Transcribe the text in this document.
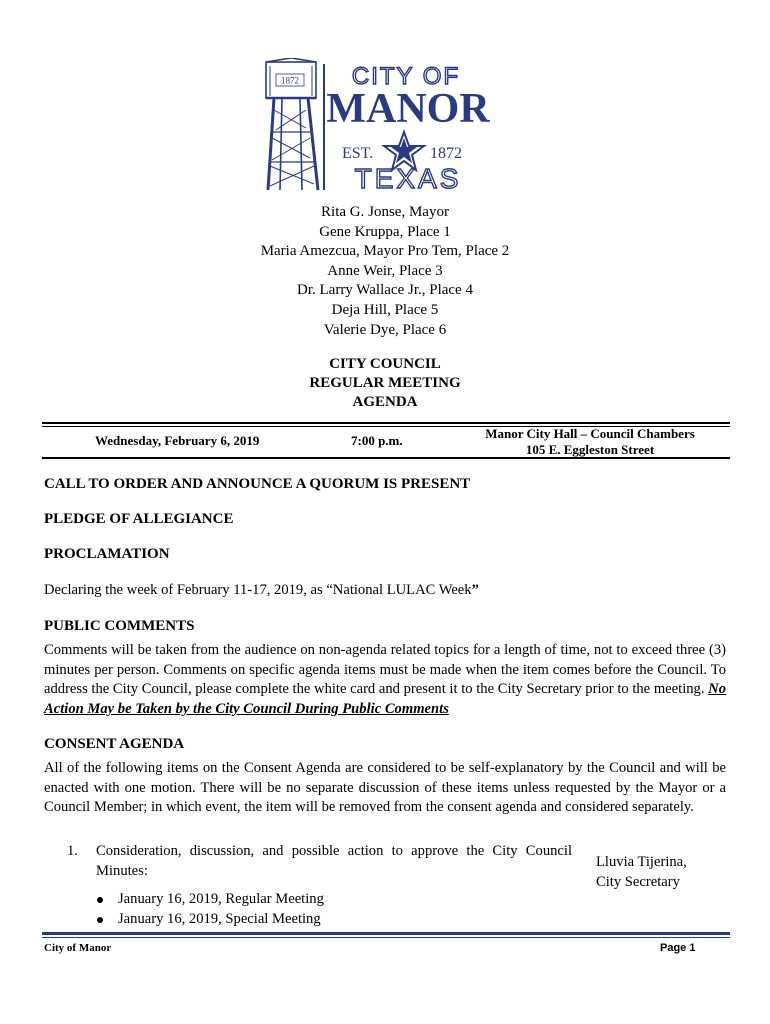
1872 CITY OF
MANOR
EST.	1872
TEXAS
Rita G. Jonse, Mayor
Gene Kruppa, Place 1
Maria Amezcua, Mayor Pro Tem, Place 2
Anne Weir, Place 3
Dr. Larry Wallace Jr., Place 4
Deja Hill, Place 5
Valerie Dye, Place 6
CITY COUNCIL
REGULAR MEETING
AGENDA
Wednesday, February 6, 2019	7:00 p.m.	Manor City Hall – Council Chambers
105 E. Eggleston Street
CALL TO ORDER AND ANNOUNCE A QUORUM IS PRESENT
PLEDGE OF ALLEGIANCE
PROCLAMATION
Declaring the week of February 11-17, 2019, as “National LULAC Week”
PUBLIC COMMENTS
Comments will be taken from the audience on non-agenda related topics for a length of time, not to exceed three (3) minutes per person. Comments on specific agenda items must be made when the item comes before the Council. To address the City Council, please complete the white card and present it to the City Secretary prior to the meeting. No Action May be Taken by the City Council During Public Comments
CONSENT AGENDA
All of the following items on the Consent Agenda are considered to be self-explanatory by the Council and will be enacted with one motion. There will be no separate discussion of these items unless requested by the Mayor or a Council Member; in which event, the item will be removed from the consent agenda and considered separately.
1. Consideration, discussion, and possible action to approve the City Council Minutes:
Lluvia Tijerina,
City Secretary
January 16, 2019, Regular Meeting
January 16, 2019, Special Meeting
City of Manor	Page 1
